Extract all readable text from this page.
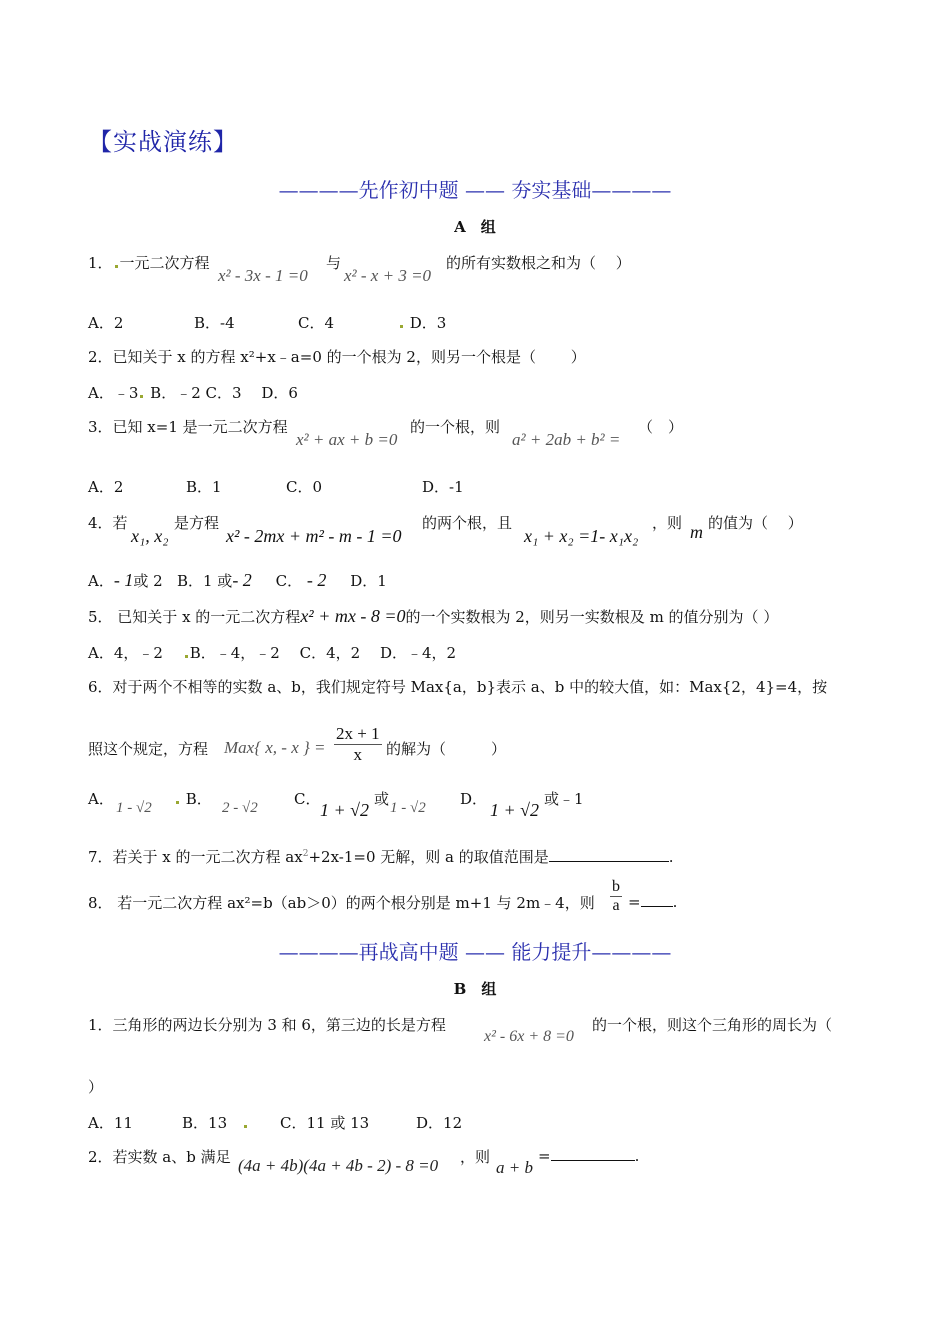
【实战演练】
————先作初中题 —— 夯实基础————
A　组
1． 一元二次方程
x² - 3x - 1 =0
与
x² - x + 3 =0
的所有实数根之和为（　 ）
A．2	B．-4	C．4	D．3
2．已知关于 x 的方程 x²+x﹣a=0 的一个根为 2，则另一个根是（　　 ）
A．﹣3 B．﹣2 C．3　 D．6
3．已知 x=1 是一元二次方程
x² + ax + b =0
的一个根，则
a² + 2ab + b² =
（　）
A．2	B．1	C．0	D．-1
4．若
x₁, x₂
是方程
x² - 2mx + m² - m - 1 =0
的两个根，且
x₁ + x₂ =1- x₁x₂
，则 m 的值为（　 ）
A．- 1或 2 B．1 或- 2 C． - 2 D．1
5． 已知关于 x 的一元二次方程x² + mx - 8 =0的一个实数根为 2，则另一实数根及 m 的值分别为（ ）
A．4，﹣2　 B．﹣4，﹣2 　 C．4，2　 D．﹣4，2
6．对于两个不相等的实数 a、b，我们规定符号 Max{a，b}表示 a、b 中的较大值，如：Max{2，4}=4，按
照这个规定，方程 Max{ x, - x } = $\frac{2x + 1}{x}$ 的解为（　　　）
A． 1 - √2	B． 2 - √2 C．
1 + √2
或 1 - √2 D．
1 + √2
或﹣1
7．若关于 x 的一元二次方程 $ax^2+2x-1=0$ 无解，则 a 的取值范围是	.
8． 若一元二次方程 ax²=b（ab＞0）的两个根分别是 m+1 与 2m﹣4，则 $\frac{b}{a}$ = .
————再战高中题 —— 能力提升————
B　组
1．三角形的两边长分别为 3 和 6，第三边的长是方程
x² - 6x + 8 =0
的一个根，则这个三角形的周长为（
）
A．11	B．13　	C．11 或 13	D．12
2．若实数 a、b 满足 (4a + 4b)(4a + 4b - 2) - 8 =0 ，则
a + b
=	.
